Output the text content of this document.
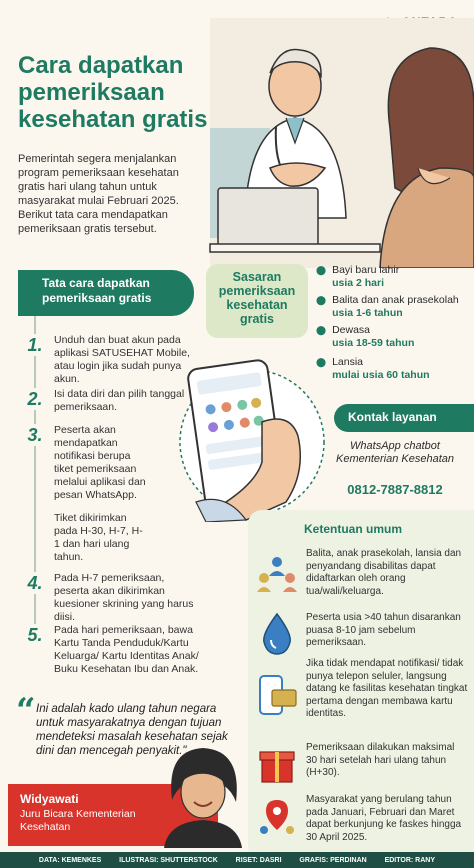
Cara dapatkan pemeriksaan kesehatan gratis
Pemerintah segera menjalankan program pemeriksaan kesehatan gratis hari ulang tahun untuk masyarakat mulai Februari 2025. Berikut tata cara mendapatkan pemeriksaan gratis tersebut.
Tata cara dapatkan pemeriksaan gratis
1.	Unduh dan buat akun pada aplikasi SATUSEHAT Mobile, atau login jika sudah punya akun.
2.	Isi data diri dan pilih tanggal pemeriksaan.
3.	Peserta akan mendapatkan notifikasi berupa tiket pemeriksaan melalui aplikasi dan pesan WhatsApp.
Tiket dikirimkan pada H-30, H-7, H-1 dan hari ulang tahun.
4.	Pada H-7 pemeriksaan, peserta akan dikirimkan kuesioner skrining yang harus diisi.
5.	Pada hari pemeriksaan, bawa Kartu Tanda Penduduk/Kartu Keluarga/ Kartu Identitas Anak/ Buku Kesehatan Ibu dan Anak.
Sasaran pemeriksaan kesehatan gratis
⬤ Bayi baru lahir
usia 2 hari
⬤ Balita dan anak prasekolah
usia 1-6 tahun
⬤ Dewasa
usia 18-59 tahun
⬤ Lansia
mulai usia 60 tahun
Kontak layanan
WhatsApp chatbot Kementerian Kesehatan
0812-7887-8812
Ketentuan umum
Balita, anak prasekolah, lansia dan penyandang disabilitas dapat didaftarkan oleh orang tua/wali/keluarga.
Peserta usia >40 tahun disarankan puasa 8-10 jam sebelum pemeriksaan.
Jika tidak mendapat notifikasi/ tidak punya telepon seluler, langsung datang ke fasilitas kesehatan tingkat pertama dengan membawa kartu identitas.
Pemeriksaan dilakukan maksimal 30 hari setelah hari ulang tahun (H+30).
Masyarakat yang berulang tahun pada Januari, Februari dan Maret dapat berkunjung ke faskes hingga 30 April 2025.
“ Ini adalah kado ulang tahun negara untuk masyarakatnya dengan tujuan mendeteksi masalah kesehatan sejak dini dan mencegah penyakit."
Widyawati
Juru Bicara Kementerian Kesehatan
DATA: KEMENKES	ILUSTRASI: SHUTTERSTOCK	RISET: DASRI	GRAFIS: PERDINAN	EDITOR: RANY
